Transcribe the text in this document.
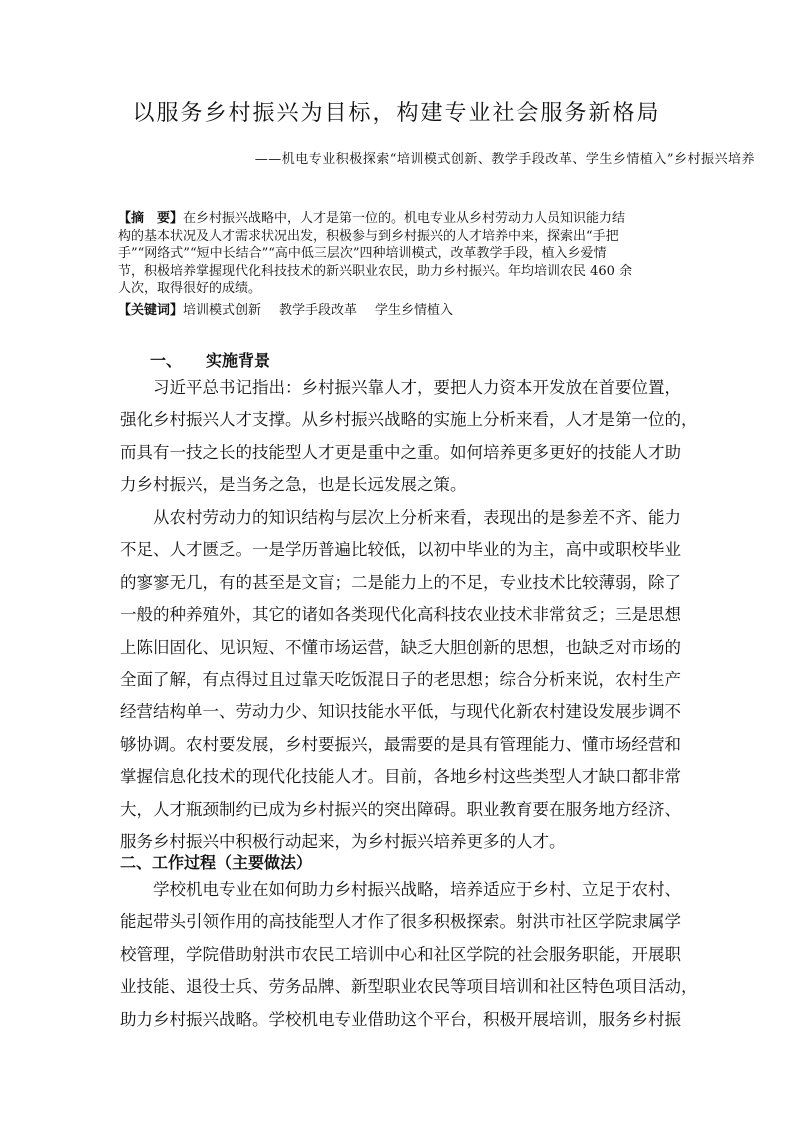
以服务乡村振兴为目标，构建专业社会服务新格局
——机电专业积极探索“培训模式创新、教学手段改革、学生乡情植入”乡村振兴培养
【摘　要】在乡村振兴战略中，人才是第一位的。机电专业从乡村劳动力人员知识能力结
构的基本状况及人才需求状况出发，积极参与到乡村振兴的人才培养中来，探索出“手把
手”“网络式”“短中长结合”“高中低三层次”四种培训模式，改革教学手段，植入乡爱情
节，积极培养掌握现代化科技技术的新兴职业农民，助力乡村振兴。年均培训农民 460 余
人次，取得很好的成绩。
【关键词】培训模式创新 教学手段改革 学生乡情植入
一、 实施背景
习近平总书记指出：乡村振兴靠人才，要把人力资本开发放在首要位置，
强化乡村振兴人才支撑。从乡村振兴战略的实施上分析来看，人才是第一位的，
而具有一技之长的技能型人才更是重中之重。如何培养更多更好的技能人才助
力乡村振兴，是当务之急，也是长远发展之策。
从农村劳动力的知识结构与层次上分析来看，表现出的是参差不齐、能力
不足、人才匮乏。一是学历普遍比较低，以初中毕业的为主，高中或职校毕业
的寥寥无几，有的甚至是文盲；二是能力上的不足，专业技术比较薄弱，除了
一般的种养殖外，其它的诸如各类现代化高科技农业技术非常贫乏；三是思想
上陈旧固化、见识短、不懂市场运营，缺乏大胆创新的思想，也缺乏对市场的
全面了解，有点得过且过靠天吃饭混日子的老思想；综合分析来说，农村生产
经营结构单一、劳动力少、知识技能水平低，与现代化新农村建设发展步调不
够协调。农村要发展，乡村要振兴，最需要的是具有管理能力、懂市场经营和
掌握信息化技术的现代化技能人才。目前，各地乡村这些类型人才缺口都非常
大，人才瓶颈制约已成为乡村振兴的突出障碍。职业教育要在服务地方经济、
服务乡村振兴中积极行动起来，为乡村振兴培养更多的人才。
二、工作过程（主要做法）
学校机电专业在如何助力乡村振兴战略，培养适应于乡村、立足于农村、
能起带头引领作用的高技能型人才作了很多积极探索。射洪市社区学院隶属学
校管理，学院借助射洪市农民工培训中心和社区学院的社会服务职能，开展职
业技能、退役士兵、劳务品牌、新型职业农民等项目培训和社区特色项目活动，
助力乡村振兴战略。学校机电专业借助这个平台，积极开展培训，服务乡村振
